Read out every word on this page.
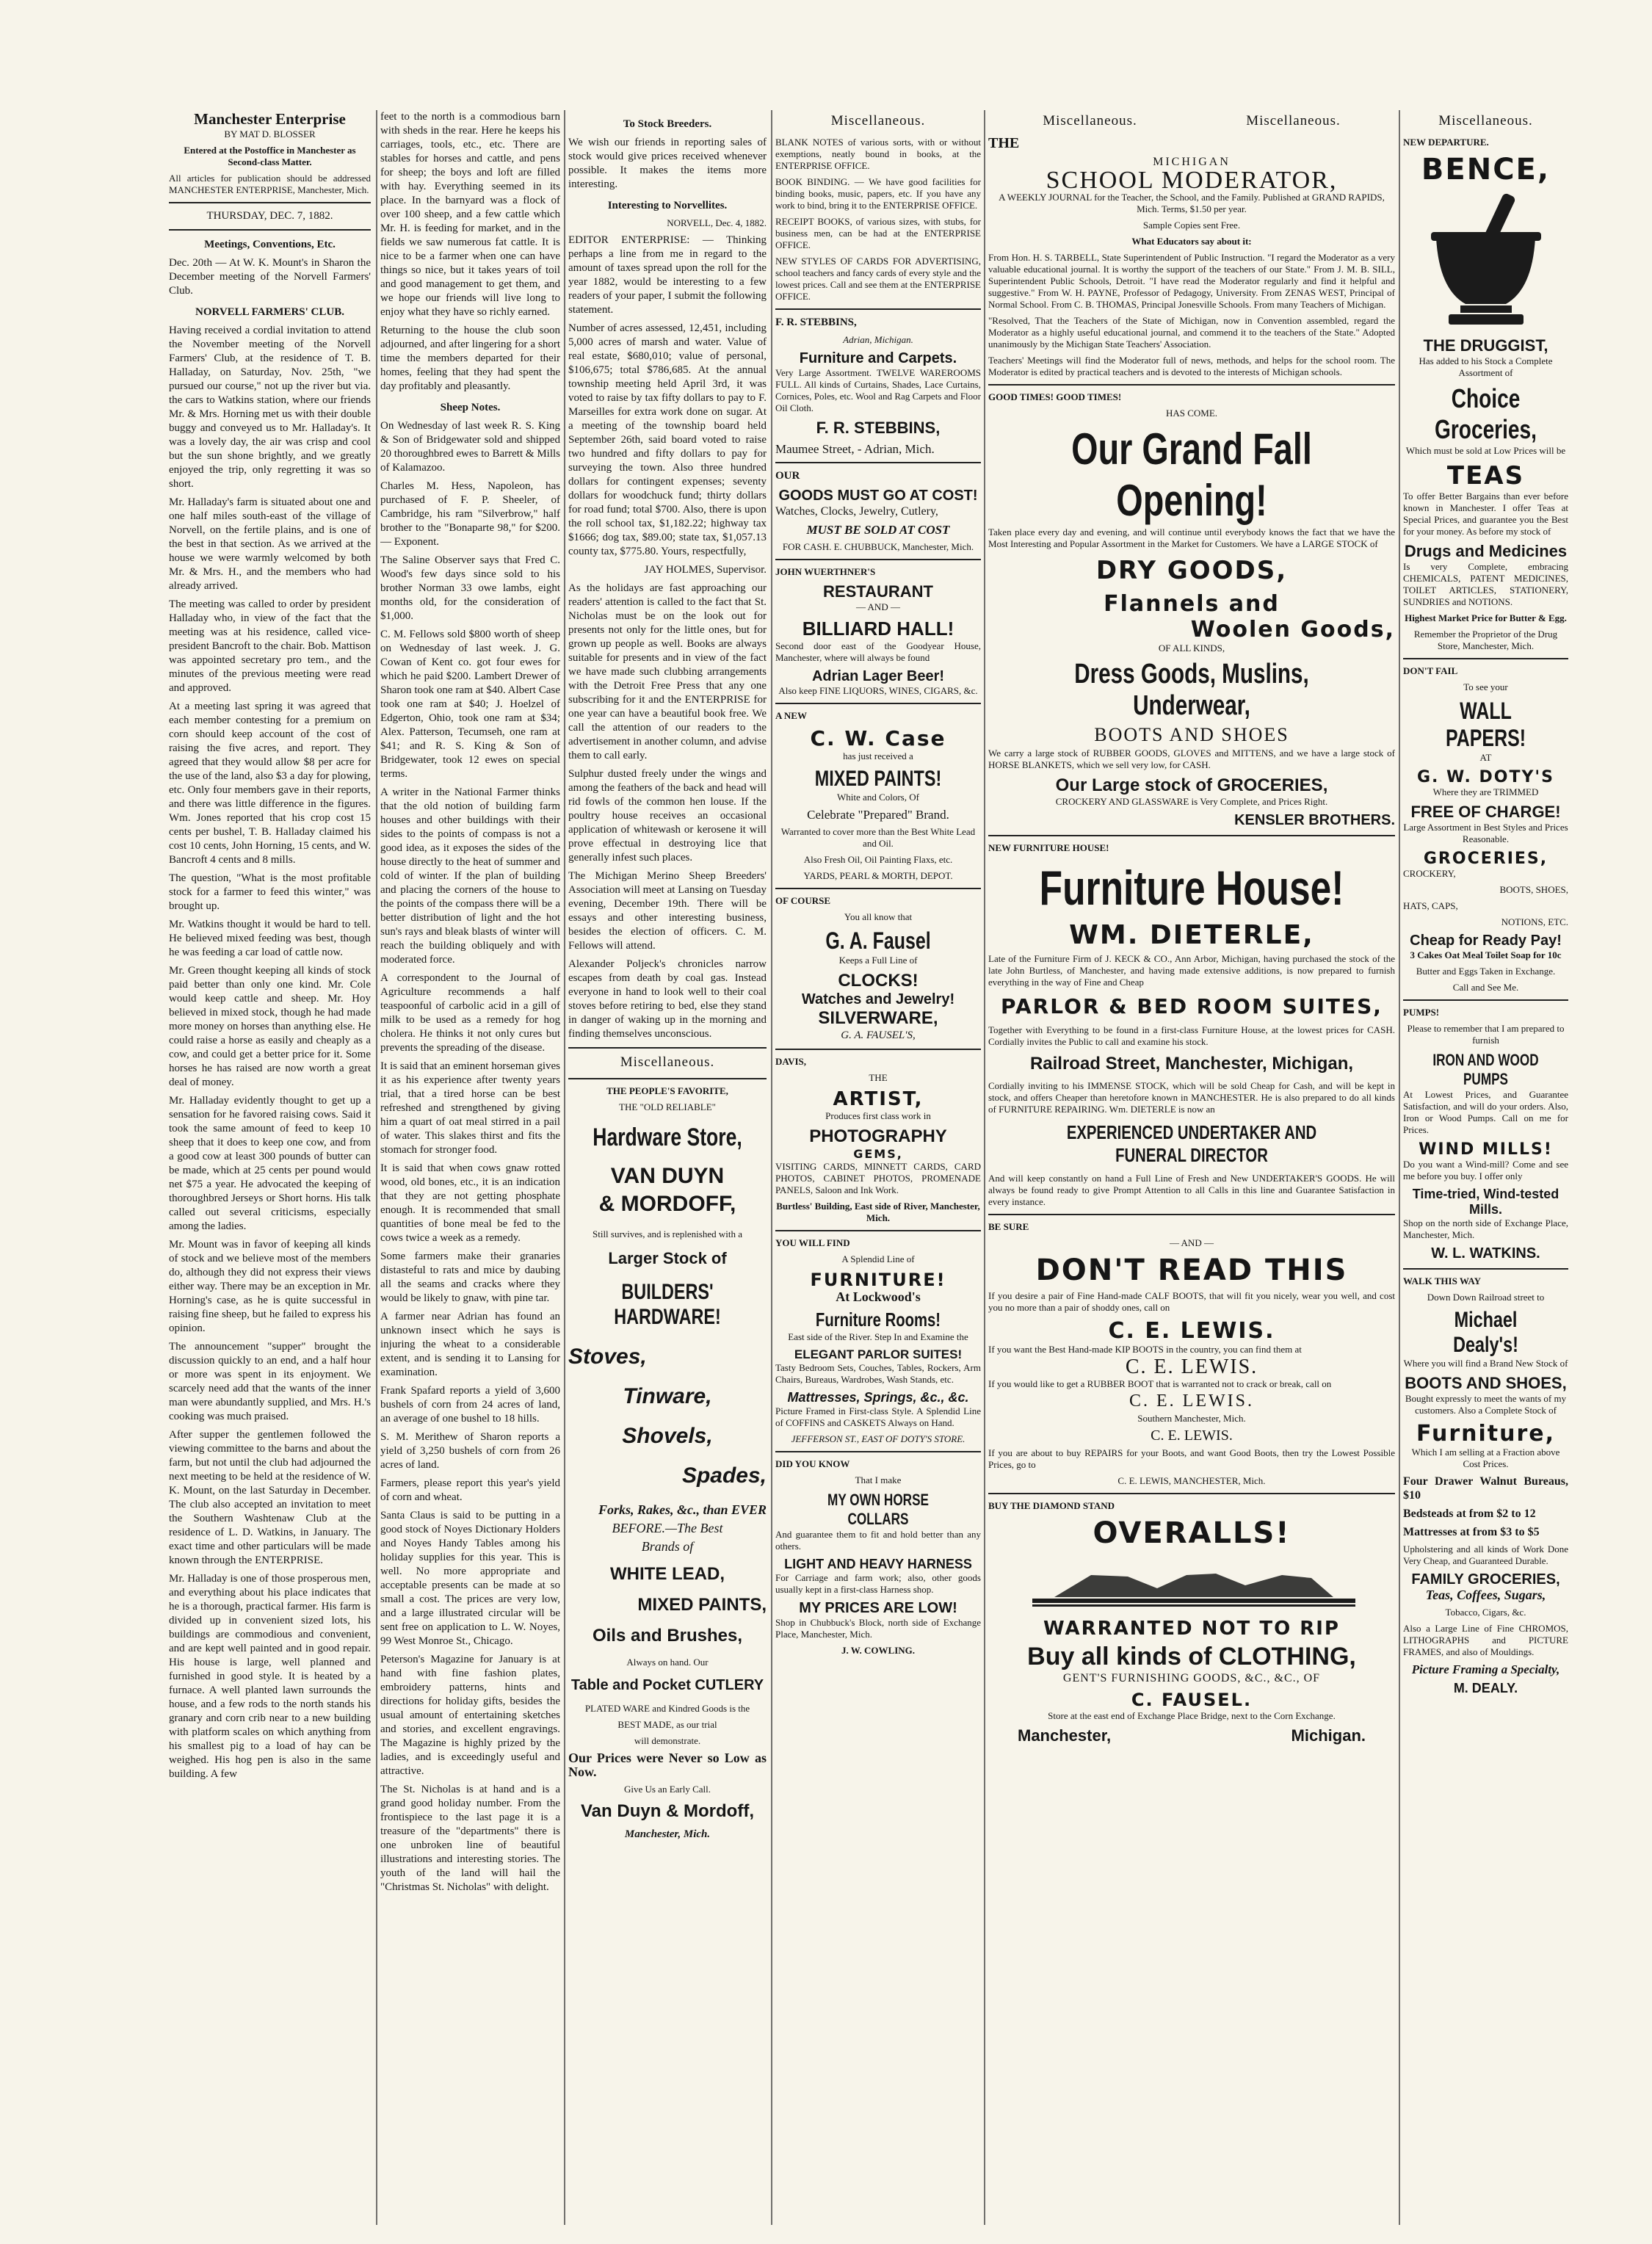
Manchester Enterprise
BY MAT D. BLOSSER
Entered at the Postoffice in Manchester as Second-class Matter.
All articles for publication should be addressed MANCHESTER ENTERPRISE, Manchester, Mich.
THURSDAY, DEC. 7, 1882.
Meetings, Conventions, Etc.
Dec. 20th — At W. K. Mount's in Sharon the December meeting of the Norvell Farmers' Club.
NORVELL FARMERS' CLUB.
Having received a cordial invitation to attend the November meeting of the Norvell Farmers' Club, at the residence of T. B. Halladay, on Saturday, Nov. 25th, "we pursued our course," not up the river but via. the cars to Watkins station, where our friends Mr. & Mrs. Horning met us with their double buggy and conveyed us to Mr. Halladay's. It was a lovely day, the air was crisp and cool but the sun shone brightly, and we greatly enjoyed the trip, only regretting it was so short.
Mr. Halladay's farm is situated about one and one half miles south-east of the village of Norvell, on the fertile plains, and is one of the best in that section. As we arrived at the house we were warmly welcomed by both Mr. & Mrs. H., and the members who had already arrived.
The meeting was called to order by president Halladay who, in view of the fact that the meeting was at his residence, called vice-president Bancroft to the chair. Bob. Mattison was appointed secretary pro tem., and the minutes of the previous meeting were read and approved.
At a meeting last spring it was agreed that each member contesting for a premium on corn should keep account of the cost of raising the five acres, and report. They agreed that they would allow $8 per acre for the use of the land, also $3 a day for plowing, etc. Only four members gave in their reports, and there was little difference in the figures. Wm. Jones reported that his crop cost 15 cents per bushel, T. B. Halladay claimed his cost 10 cents, John Horning, 15 cents, and W. Bancroft 4 cents and 8 mills.
The question, "What is the most profitable stock for a farmer to feed this winter," was brought up.
Mr. Watkins thought it would be hard to tell. He believed mixed feeding was best, though he was feeding a car load of cattle now.
Mr. Green thought keeping all kinds of stock paid better than only one kind. Mr. Cole would keep cattle and sheep. Mr. Hoy believed in mixed stock, though he had made more money on horses than anything else. He could raise a horse as easily and cheaply as a cow, and could get a better price for it. Some horses he has raised are now worth a great deal of money.
Mr. Halladay evidently thought to get up a sensation for he favored raising cows. Said it took the same amount of feed to keep 10 sheep that it does to keep one cow, and from a good cow at least 300 pounds of butter can be made, which at 25 cents per pound would net $75 a year. He advocated the keeping of thoroughbred Jerseys or Short horns. His talk called out several criticisms, especially among the ladies.
Mr. Mount was in favor of keeping all kinds of stock and we believe most of the members do, although they did not express their views either way. There may be an exception in Mr. Horning's case, as he is quite successful in raising fine sheep, but he failed to express his opinion.
The announcement "supper" brought the discussion quickly to an end, and a half hour or more was spent in its enjoyment. We scarcely need add that the wants of the inner man were abundantly supplied, and Mrs. H.'s cooking was much praised.
After supper the gentlemen followed the viewing committee to the barns and about the farm, but not until the club had adjourned the next meeting to be held at the residence of W. K. Mount, on the last Saturday in December. The club also accepted an invitation to meet the Southern Washtenaw Club at the residence of L. D. Watkins, in January. The exact time and other particulars will be made known through the ENTERPRISE.
Mr. Halladay is one of those prosperous men, and everything about his place indicates that he is a thorough, practical farmer. His farm is divided up in convenient sized lots, his buildings are commodious and convenient, and are kept well painted and in good repair. His house is large, well planned and furnished in good style. It is heated by a furnace. A well planted lawn surrounds the house, and a few rods to the north stands his granary and corn crib near to a new building with platform scales on which anything from his smallest pig to a load of hay can be weighed. His hog pen is also in the same building. A few
feet to the north is a commodious barn with sheds in the rear. Here he keeps his carriages, tools, etc., etc. There are stables for horses and cattle, and pens for sheep; the boys and loft are filled with hay. Everything seemed in its place. In the barnyard was a flock of over 100 sheep, and a few cattle which Mr. H. is feeding for market, and in the fields we saw numerous fat cattle. It is nice to be a farmer when one can have things so nice, but it takes years of toil and good management to get them, and we hope our friends will live long to enjoy what they have so richly earned.
Returning to the house the club soon adjourned, and after lingering for a short time the members departed for their homes, feeling that they had spent the day profitably and pleasantly.
Sheep Notes.
On Wednesday of last week R. S. King & Son of Bridgewater sold and shipped 20 thoroughbred ewes to Barrett & Mills of Kalamazoo.
Charles M. Hess, Napoleon, has purchased of F. P. Sheeler, of Cambridge, his ram "Silverbrow," half brother to the "Bonaparte 98," for $200. — Exponent.
The Saline Observer says that Fred C. Wood's few days since sold to his brother Norman 33 owe lambs, eight months old, for the consideration of $1,000.
C. M. Fellows sold $800 worth of sheep on Wednesday of last week. J. G. Cowan of Kent co. got four ewes for which he paid $200. Lambert Drewer of Sharon took one ram at $40. Albert Case took one ram at $40; J. Hoelzel of Edgerton, Ohio, took one ram at $34; Alex. Patterson, Tecumseh, one ram at $41; and R. S. King & Son of Bridgewater, took 12 ewes on special terms.
A writer in the National Farmer thinks that the old notion of building farm houses and other buildings with their sides to the points of compass is not a good idea, as it exposes the sides of the house directly to the heat of summer and cold of winter. If the plan of building and placing the corners of the house to the points of the compass there will be a better distribution of light and the hot sun's rays and bleak blasts of winter will reach the building obliquely and with moderated force.
A correspondent to the Journal of Agriculture recommends a half teaspoonful of carbolic acid in a gill of milk to be used as a remedy for hog cholera. He thinks it not only cures but prevents the spreading of the disease.
It is said that an eminent horseman gives it as his experience after twenty years trial, that a tired horse can be best refreshed and strengthened by giving him a quart of oat meal stirred in a pail of water. This slakes thirst and fits the stomach for stronger food.
It is said that when cows gnaw rotted wood, old bones, etc., it is an indication that they are not getting phosphate enough. It is recommended that small quantities of bone meal be fed to the cows twice a week as a remedy.
Some farmers make their granaries distasteful to rats and mice by daubing all the seams and cracks where they would be likely to gnaw, with pine tar.
A farmer near Adrian has found an unknown insect which he says is injuring the wheat to a considerable extent, and is sending it to Lansing for examination.
Frank Spafard reports a yield of 3,600 bushels of corn from 24 acres of land, an average of one bushel to 18 hills.
S. M. Merithew of Sharon reports a yield of 3,250 bushels of corn from 26 acres of land.
Farmers, please report this year's yield of corn and wheat.
Santa Claus is said to be putting in a good stock of Noyes Dictionary Holders and Noyes Handy Tables among his holiday supplies for this year. This is well. No more appropriate and acceptable presents can be made at so small a cost. The prices are very low, and a large illustrated circular will be sent free on application to L. W. Noyes, 99 West Monroe St., Chicago.
Peterson's Magazine for January is at hand with fine fashion plates, embroidery patterns, hints and directions for holiday gifts, besides the usual amount of entertaining sketches and stories, and excellent engravings. The Magazine is highly prized by the ladies, and is exceedingly useful and attractive.
The St. Nicholas is at hand and is a grand good holiday number. From the frontispiece to the last page it is a treasure of the "departments" there is one unbroken line of beautiful illustrations and interesting stories. The youth of the land will hail the "Christmas St. Nicholas" with delight.
To Stock Breeders.
We wish our friends in reporting sales of stock would give prices received whenever possible. It makes the items more interesting.
Interesting to Norvellites.
NORVELL, Dec. 4, 1882.
EDITOR ENTERPRISE: — Thinking perhaps a line from me in regard to the amount of taxes spread upon the roll for the year 1882, would be interesting to a few readers of your paper, I submit the following statement.
Number of acres assessed, 12,451, including 5,000 acres of marsh and water. Value of real estate, $680,010; value of personal, $106,675; total $786,685. At the annual township meeting held April 3rd, it was voted to raise by tax fifty dollars to pay to F. Marseilles for extra work done on sugar. At a meeting of the township board held September 26th, said board voted to raise two hundred and fifty dollars to pay for surveying the town. Also three hundred dollars for contingent expenses; seventy dollars for woodchuck fund; thirty dollars for road fund; total $700. Also, there is upon the roll school tax, $1,182.22; highway tax $1666; dog tax, $89.00; state tax, $1,057.13 county tax, $775.80. Yours, respectfully,
JAY HOLMES, Supervisor.
As the holidays are fast approaching our readers' attention is called to the fact that St. Nicholas must be on the look out for presents not only for the little ones, but for grown up people as well. Books are always suitable for presents and in view of the fact we have made such clubbing arrangements with the Detroit Free Press that any one subscribing for it and the ENTERPRISE for one year can have a beautiful book free. We call the attention of our readers to the advertisement in another column, and advise them to call early.
Sulphur dusted freely under the wings and among the feathers of the back and head will rid fowls of the common hen louse. If the poultry house receives an occasional application of whitewash or kerosene it will prove effectual in destroying lice that generally infest such places.
The Michigan Merino Sheep Breeders' Association will meet at Lansing on Tuesday evening, December 19th. There will be essays and other interesting business, besides the election of officers. C. M. Fellows will attend.
Alexander Poljeck's chronicles narrow escapes from death by coal gas. Instead everyone in hand to look well to their coal stoves before retiring to bed, else they stand in danger of waking up in the morning and finding themselves unconscious.
Miscellaneous.
THE PEOPLE'S FAVORITE,
THE "OLD RELIABLE"
Hardware Store,
VAN DUYN
& MORDOFF,
Still survives, and is replenished with a
Larger Stock of
BUILDERS' HARDWARE!
Stoves,
Tinware,
Shovels,
Spades,
Forks, Rakes, &c., than EVER
BEFORE.—The Best
Brands of
WHITE LEAD,
MIXED PAINTS,
Oils and Brushes,
Always on hand. Our
Table and Pocket CUTLERY
PLATED WARE and Kindred Goods is the
BEST MADE, as our trial
will demonstrate.
Our Prices were Never so Low as Now.
Give Us an Early Call.
Van Duyn & Mordoff,
Manchester, Mich.
Miscellaneous.
BLANK NOTES of various sorts, with or without exemptions, neatly bound in books, at the ENTERPRISE OFFICE.
BOOK BINDING. — We have good facilities for binding books, music, papers, etc. If you have any work to bind, bring it to the ENTERPRISE OFFICE.
RECEIPT BOOKS, of various sizes, with stubs, for business men, can be had at the ENTERPRISE OFFICE.
NEW STYLES OF CARDS FOR ADVERTISING, school teachers and fancy cards of every style and the lowest prices. Call and see them at the ENTERPRISE OFFICE.
F. R. STEBBINS,
Adrian, Michigan.
Furniture and Carpets.
Very Large Assortment. TWELVE WAREROOMS FULL. All kinds of Curtains, Shades, Lace Curtains, Cornices, Poles, etc. Wool and Rag Carpets and Floor Oil Cloth.
F. R. STEBBINS,
Maumee Street, - Adrian, Mich.
OUR
GOODS MUST GO AT COST!
Watches, Clocks, Jewelry, Cutlery,
MUST BE SOLD AT COST
FOR CASH. E. CHUBBUCK, Manchester, Mich.
JOHN WUERTHNER'S
RESTAURANT
— AND —
BILLIARD HALL!
Second door east of the Goodyear House, Manchester, where will always be found
Adrian Lager Beer!
Also keep FINE LIQUORS, WINES, CIGARS, &c.
A NEW
C. W. Case
has just received a
MIXED PAINTS!
White and Colors, Of
Celebrate "Prepared" Brand.
Warranted to cover more than the Best White Lead and Oil.
Also Fresh Oil, Oil Painting Flaxs, etc.
YARDS, PEARL & MORTH, DEPOT.
OF COURSE
You all know that
G. A. Fausel
Keeps a Full Line of
CLOCKS!
Watches and Jewelry!
SILVERWARE,
G. A. FAUSEL'S,
DAVIS,
THE
ARTIST,
Produces first class work in
PHOTOGRAPHY
GEMS,
VISITING CARDS, MINNETT CARDS, CARD PHOTOS, CABINET PHOTOS, PROMENADE PANELS, Saloon and Ink Work.
Burtless' Building, East side of River, Manchester, Mich.
YOU WILL FIND
A Splendid Line of
FURNITURE!
At Lockwood's
Furniture Rooms!
East side of the River. Step In and Examine the
ELEGANT PARLOR SUITES!
Tasty Bedroom Sets, Couches, Tables, Rockers, Arm Chairs, Bureaus, Wardrobes, Wash Stands, etc.
Mattresses, Springs, &c., &c.
Picture Framed in First-class Style. A Splendid Line of COFFINS and CASKETS Always on Hand.
JEFFERSON ST., EAST OF DOTY'S STORE.
DID YOU KNOW
That I make
MY OWN HORSE COLLARS
And guarantee them to fit and hold better than any others.
LIGHT AND HEAVY HARNESS
For Carriage and farm work; also, other goods usually kept in a first-class Harness shop.
MY PRICES ARE LOW!
Shop in Chubbuck's Block, north side of Exchange Place, Manchester, Mich.
J. W. COWLING.
Miscellaneous.	Miscellaneous.
THE
MICHIGAN
SCHOOL MODERATOR,
A WEEKLY JOURNAL for the Teacher, the School, and the Family. Published at GRAND RAPIDS, Mich. Terms, $1.50 per year.
Sample Copies sent Free.
What Educators say about it:
From Hon. H. S. TARBELL, State Superintendent of Public Instruction. "I regard the Moderator as a very valuable educational journal. It is worthy the support of the teachers of our State." From J. M. B. SILL, Superintendent Public Schools, Detroit. "I have read the Moderator regularly and find it helpful and suggestive." From W. H. PAYNE, Professor of Pedagogy, University. From ZENAS WEST, Principal of Normal School. From C. B. THOMAS, Principal Jonesville Schools. From many Teachers of Michigan.
"Resolved, That the Teachers of the State of Michigan, now in Convention assembled, regard the Moderator as a highly useful educational journal, and commend it to the teachers of the State." Adopted unanimously by the Michigan State Teachers' Association.
Teachers' Meetings will find the Moderator full of news, methods, and helps for the school room. The Moderator is edited by practical teachers and is devoted to the interests of Michigan schools.
GOOD TIMES! GOOD TIMES!
HAS COME.
Our Grand Fall Opening!
Taken place every day and evening, and will continue until everybody knows the fact that we have the Most Interesting and Popular Assortment in the Market for Customers. We have a LARGE STOCK of
DRY GOODS,
Flannels and
Woolen Goods,
OF ALL KINDS,
Dress Goods, Muslins, Underwear,
BOOTS AND SHOES
We carry a large stock of RUBBER GOODS, GLOVES and MITTENS, and we have a large stock of HORSE BLANKETS, which we sell very low, for CASH.
Our Large stock of GROCERIES,
CROCKERY AND GLASSWARE is Very Complete, and Prices Right.
KENSLER BROTHERS.
NEW FURNITURE HOUSE!
Furniture House!
WM. DIETERLE,
Late of the Furniture Firm of J. KECK & CO., Ann Arbor, Michigan, having purchased the stock of the late John Burtless, of Manchester, and having made extensive additions, is now prepared to furnish everything in the way of Fine and Cheap
PARLOR & BED ROOM SUITES,
Together with Everything to be found in a first-class Furniture House, at the lowest prices for CASH. Cordially invites the Public to call and examine his stock.
Railroad Street, Manchester, Michigan,
Cordially inviting to his IMMENSE STOCK, which will be sold Cheap for Cash, and will be kept in stock, and offers Cheaper than heretofore known in MANCHESTER. He is also prepared to do all kinds of FURNITURE REPAIRING. Wm. DIETERLE is now an
EXPERIENCED UNDERTAKER AND FUNERAL DIRECTOR
And will keep constantly on hand a Full Line of Fresh and New UNDERTAKER'S GOODS. He will always be found ready to give Prompt Attention to all Calls in this line and Guarantee Satisfaction in every instance.
BE SURE
— AND —
DON'T READ THIS
If you desire a pair of Fine Hand-made CALF BOOTS, that will fit you nicely, wear you well, and cost you no more than a pair of shoddy ones, call on
C. E. LEWIS.
If you want the Best Hand-made KIP BOOTS in the country, you can find them at
C. E. LEWIS.
If you would like to get a RUBBER BOOT that is warranted not to crack or break, call on
C. E. LEWIS.
Southern Manchester, Mich.
C. E. LEWIS.
If you are about to buy REPAIRS for your Boots, and want Good Boots, then try the Lowest Possible Prices, go to
C. E. LEWIS, MANCHESTER, Mich.
BUY THE DIAMOND STAND
OVERALLS!
WARRANTED NOT TO RIP
Buy all kinds of CLOTHING,
GENT'S FURNISHING GOODS, &C., &C., OF
C. FAUSEL.
Store at the east end of Exchange Place Bridge, next to the Corn Exchange.
Manchester,	Michigan.
Miscellaneous.
NEW DEPARTURE.
BENCE,
THE DRUGGIST,
Has added to his Stock a Complete Assortment of
Choice Groceries,
Which must be sold at Low Prices will be
TEAS
To offer Better Bargains than ever before known in Manchester. I offer Teas at Special Prices, and guarantee you the Best for your money. As before my stock of
Drugs and Medicines
Is very Complete, embracing CHEMICALS, PATENT MEDICINES, TOILET ARTICLES, STATIONERY, SUNDRIES and NOTIONS.
Highest Market Price for Butter & Egg.
Remember the Proprietor of the Drug Store, Manchester, Mich.
DON'T FAIL
To see your
WALL PAPERS!
AT
G. W. DOTY'S
Where they are TRIMMED
FREE OF CHARGE!
Large Assortment in Best Styles and Prices Reasonable.
GROCERIES,
CROCKERY,
BOOTS, SHOES,
HATS, CAPS,
NOTIONS, ETC.
Cheap for Ready Pay!
3 Cakes Oat Meal Toilet Soap for 10c
Butter and Eggs Taken in Exchange.
Call and See Me.
PUMPS!
Please to remember that I am prepared to furnish
IRON AND WOOD PUMPS
At Lowest Prices, and Guarantee Satisfaction, and will do your orders. Also, Iron or Wood Pumps. Call on me for Prices.
WIND MILLS!
Do you want a Wind-mill? Come and see me before you buy. I offer only
Time-tried, Wind-tested Mills.
Shop on the north side of Exchange Place, Manchester, Mich.
W. L. WATKINS.
WALK THIS WAY
Down Down Railroad street to
Michael Dealy's!
Where you will find a Brand New Stock of
BOOTS AND SHOES,
Bought expressly to meet the wants of my customers. Also a Complete Stock of
Furniture,
Which I am selling at a Fraction above Cost Prices.
Four Drawer Walnut Bureaus, $10
Bedsteads at from $2 to 12
Mattresses at from $3 to $5
Upholstering and all kinds of Work Done Very Cheap, and Guaranteed Durable.
FAMILY GROCERIES,
Teas, Coffees, Sugars,
Tobacco, Cigars, &c.
Also a Large Line of Fine CHROMOS, LITHOGRAPHS and PICTURE FRAMES, and also of Mouldings.
Picture Framing a Specialty,
M. DEALY.
